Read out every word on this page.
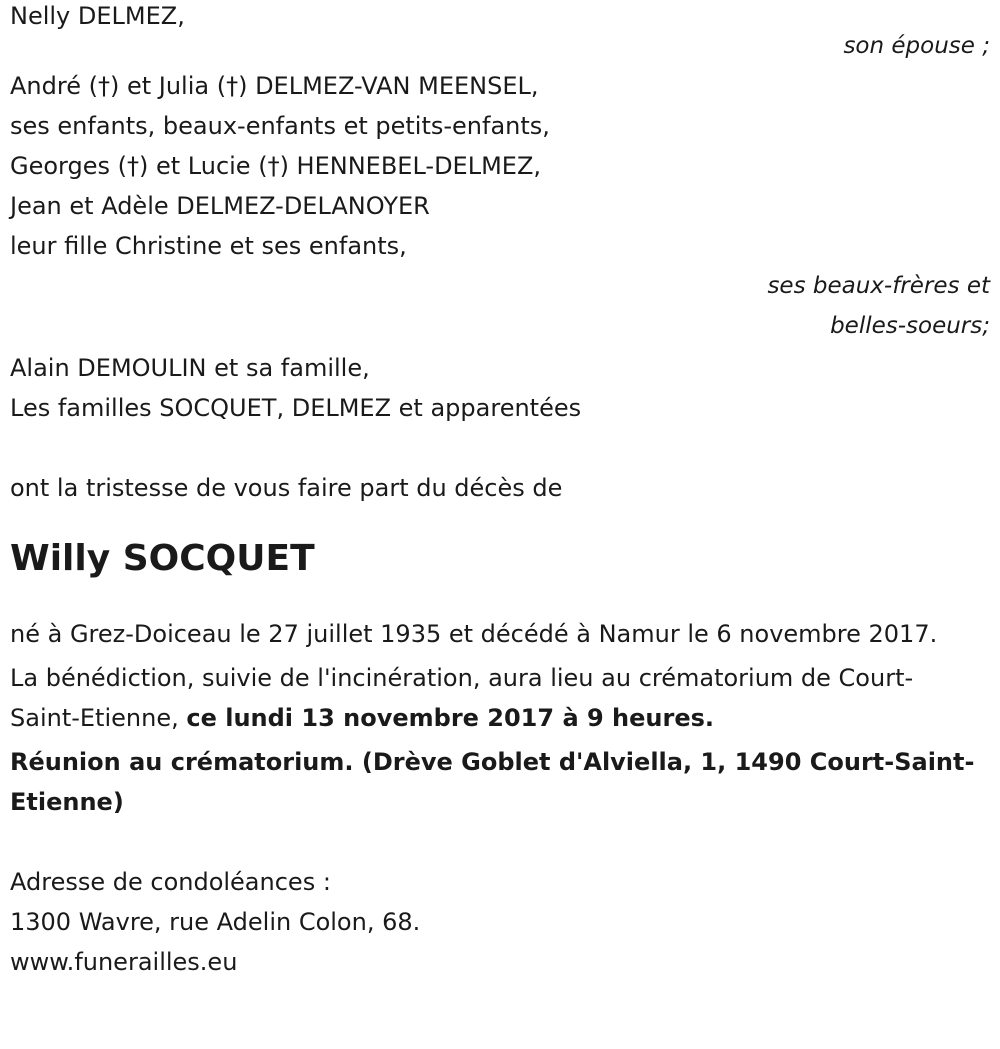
Nelly DELMEZ,
son épouse ;
André (†) et Julia (†) DELMEZ-VAN MEENSEL,
ses enfants, beaux-enfants et petits-enfants,
Georges (†) et Lucie (†) HENNEBEL-DELMEZ,
Jean et Adèle DELMEZ-DELANOYER
leur fille Christine et ses enfants,
ses beaux-frères et
belles-soeurs;
Alain DEMOULIN et sa famille,
Les familles SOCQUET, DELMEZ et apparentées
ont la tristesse de vous faire part du décès de
Willy SOCQUET
né à Grez-Doiceau le 27 juillet 1935 et décédé à Namur le 6 novembre 2017.
La bénédiction, suivie de l'incinération, aura lieu au crématorium de Court-Saint-Etienne, ce lundi 13 novembre 2017 à 9 heures.
Réunion au crématorium. (Drève Goblet d'Alviella, 1, 1490 Court-Saint-Etienne)
Adresse de condoléances :
1300 Wavre, rue Adelin Colon, 68.
www.funerailles.eu
